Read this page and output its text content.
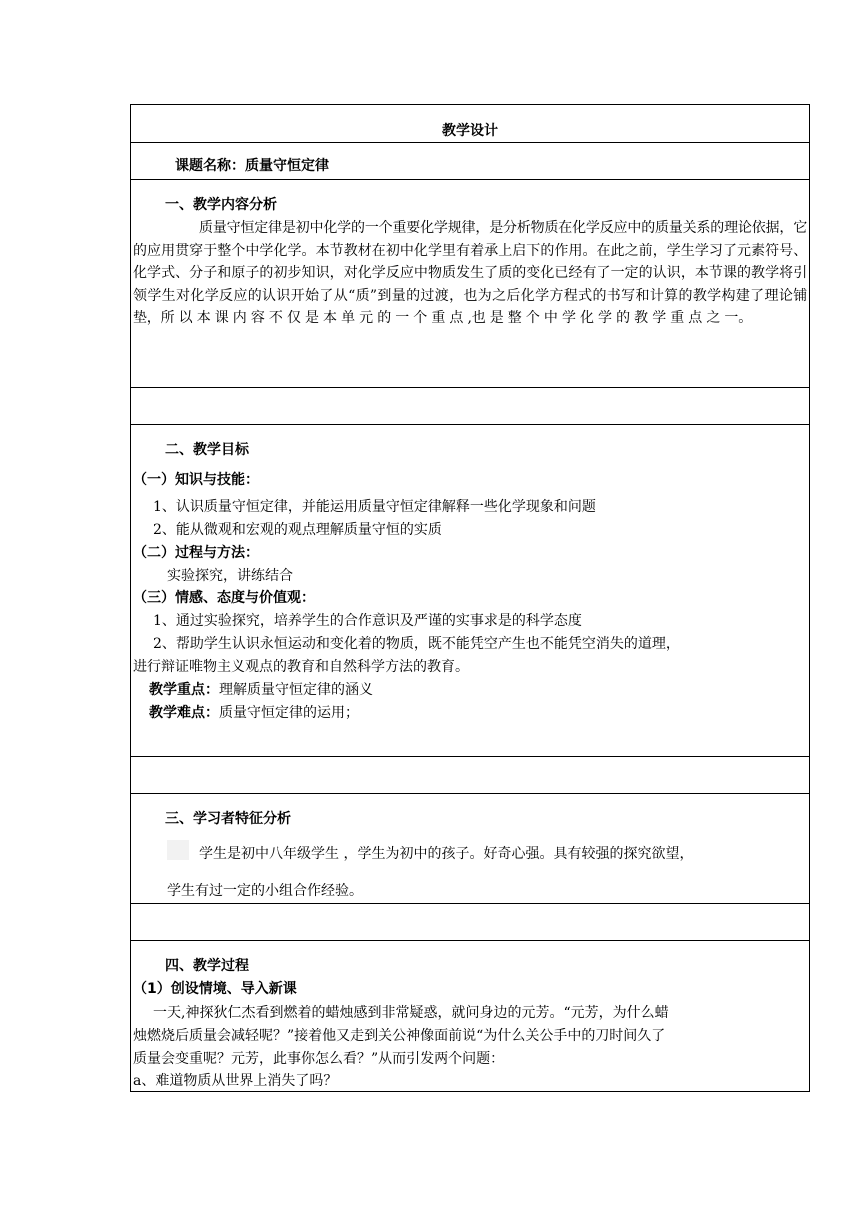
教学设计
课题名称：质量守恒定律
一、教学内容分析
质量守恒定律是初中化学的一个重要化学规律，是分析物质在化学反应中的质量关系的理论依据，它的应用贯穿于整个中学化学。本节教材在初中化学里有着承上启下的作用。在此之前，学生学习了元素符号、化学式、分子和原子的初步知识，对化学反应中物质发生了质的变化已经有了一定的认识，本节课的教学将引领学生对化学反应的认识开始了从“质”到量的过渡，也为之后化学方程式的书写和计算的教学构建了理论铺垫，所 以 本 课 内 容 不 仅 是 本 单 元 的 一 个 重 点 ,也 是 整 个 中 学 化 学 的 教 学 重 点 之 一。
二、教学目标
（一）知识与技能：
1、认识质量守恒定律，并能运用质量守恒定律解释一些化学现象和问题
2、能从微观和宏观的观点理解质量守恒的实质
（二）过程与方法：
实验探究，讲练结合
（三）情感、态度与价值观：
1、通过实验探究，培养学生的合作意识及严谨的实事求是的科学态度
2、帮助学生认识永恒运动和变化着的物质，既不能凭空产生也不能凭空消失的道理，
进行辩证唯物主义观点的教育和自然科学方法的教育。
教学重点：理解质量守恒定律的涵义
教学难点：质量守恒定律的运用；
三、学习者特征分析
学生是初中八年级学生 ，学生为初中的孩子。好奇心强。具有较强的探究欲望，
学生有过一定的小组合作经验。
四、教学过程
（1）创设情境、导入新课
一天,神探狄仁杰看到燃着的蜡烛感到非常疑惑，就问身边的元芳。“元芳，为什么蜡
烛燃烧后质量会减轻呢？”接着他又走到关公神像面前说“为什么关公手中的刀时间久了
质量会变重呢？元芳，此事你怎么看？”从而引发两个问题：
a、难道物质从世界上消失了吗？
